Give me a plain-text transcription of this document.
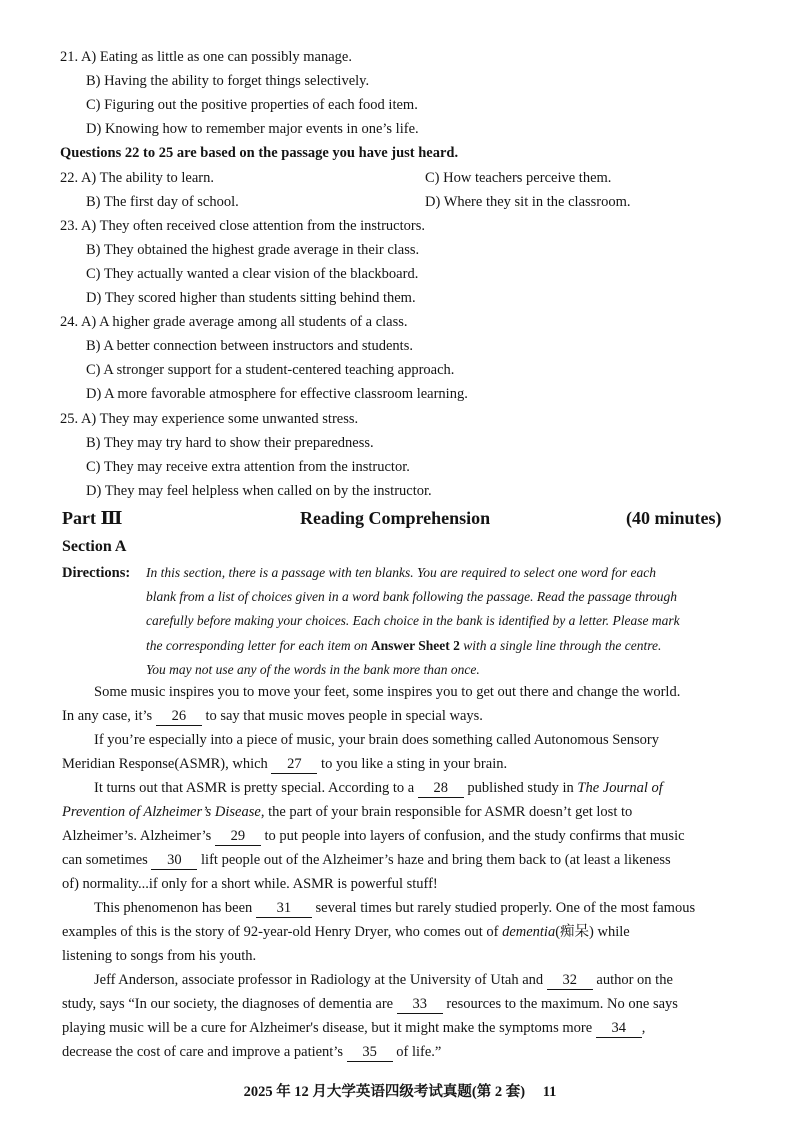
21. A) Eating as little as one can possibly manage.
B) Having the ability to forget things selectively.
C) Figuring out the positive properties of each food item.
D) Knowing how to remember major events in one’s life.
Questions 22 to 25 are based on the passage you have just heard.
22. A) The ability to learn.	C) How teachers perceive them.
B) The first day of school.	D) Where they sit in the classroom.
23. A) They often received close attention from the instructors.
B) They obtained the highest grade average in their class.
C) They actually wanted a clear vision of the blackboard.
D) They scored higher than students sitting behind them.
24. A) A higher grade average among all students of a class.
B) A better connection between instructors and students.
C) A stronger support for a student-centered teaching approach.
D) A more favorable atmosphere for effective classroom learning.
25. A) They may experience some unwanted stress.
B) They may try hard to show their preparedness.
C) They may receive extra attention from the instructor.
D) They may feel helpless when called on by the instructor.
Part Ⅲ	Reading Comprehension	(40 minutes)
Section A
Directions: In this section, there is a passage with ten blanks. You are required to select one word for each
blank from a list of choices given in a word bank following the passage. Read the passage through
carefully before making your choices. Each choice in the bank is identified by a letter. Please mark
the corresponding letter for each item on Answer Sheet 2 with a single line through the centre.
You may not use any of the words in the bank more than once.
Some music inspires you to move your feet, some inspires you to get out there and change the world.
In any case, it’s 26 to say that music moves people in special ways.
If you’re especially into a piece of music, your brain does something called Autonomous Sensory
Meridian Response(ASMR), which 27 to you like a sting in your brain.
It turns out that ASMR is pretty special. According to a 28 published study in The Journal of
Prevention of Alzheimer’s Disease, the part of your brain responsible for ASMR doesn’t get lost to
Alzheimer’s. Alzheimer’s 29 to put people into layers of confusion, and the study confirms that music
can sometimes 30 lift people out of the Alzheimer’s haze and bring them back to (at least a likeness
of) normality...if only for a short while. ASMR is powerful stuff!
This phenomenon has been 31 several times but rarely studied properly. One of the most famous
examples of this is the story of 92-year-old Henry Dryer, who comes out of dementia(痴呆) while
listening to songs from his youth.
Jeff Anderson, associate professor in Radiology at the University of Utah and 32 author on the
study, says “In our society, the diagnoses of dementia are 33 resources to the maximum. No one says
playing music will be a cure for Alzheimer's disease, but it might make the symptoms more 34 ,
decrease the cost of care and improve a patient’s 35 of life.”
2025 年 12 月大学英语四级考试真题(第 2 套) 11
